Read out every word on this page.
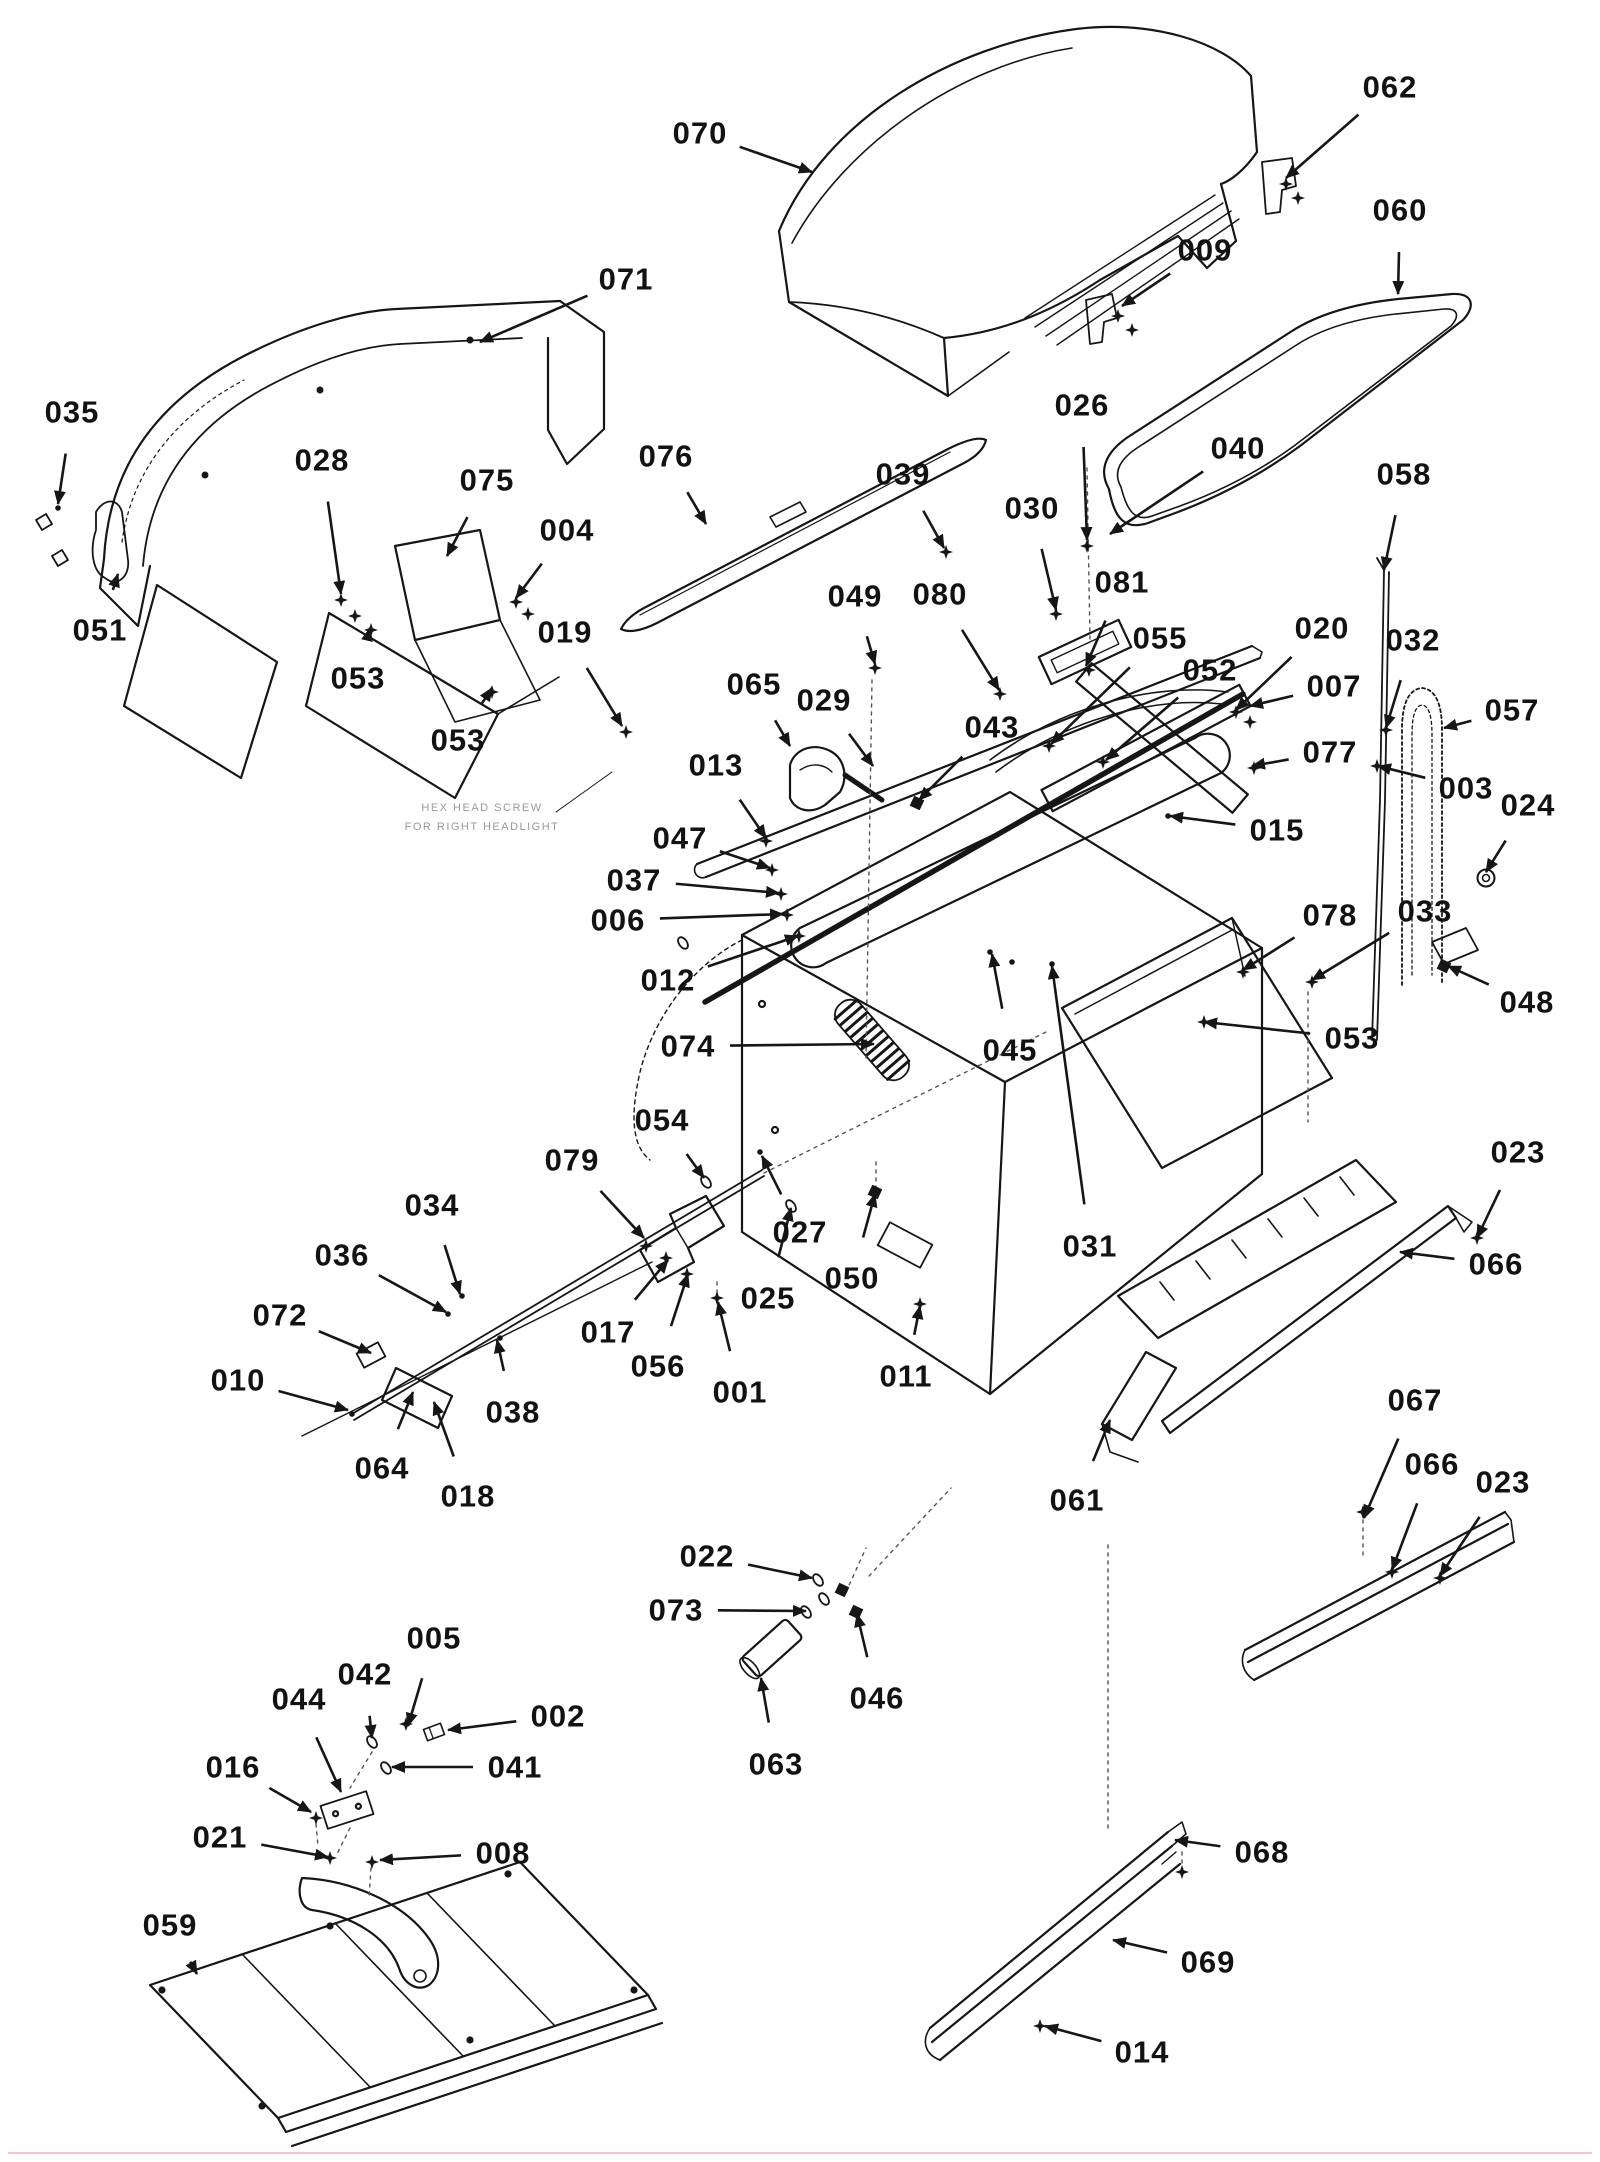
070
062
060
009
026
071
040
030
081
058
035
028
075
004
076
039
049 080
055	020 032
052 007
057
065 029
043
077
003 024
013
015
019
051
053
053
047
037
006	078 033
012
048
053
074	045
031
054
079
034
036
027
072
050
025
017
056
001	011
010
038
064
018
023
066
061
067
066
023
022
073
046
063
005
042
044	002
016	041
021	008
059
068
069
014
HEX HEAD SCREW
FOR RIGHT HEADLIGHT
